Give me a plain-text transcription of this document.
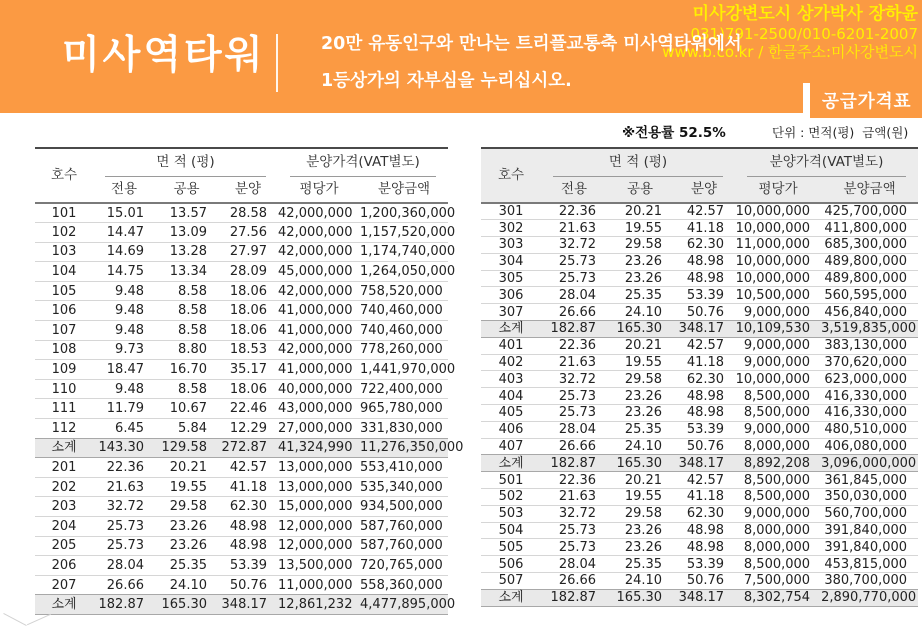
미사역타워	20만 유동인구와 만나는 트리플교통축 미사역타워에서
1등상가의 자부심을 누리십시오.
미사강변도시 상가박사 장하윤
031)791-2500/010-6201-2007
www.b.co.kr / 한글주소:미사강변도시
공급가격표
※전용률 52.5%	단위 : 면적(평)  금액(원)
호수	면 적 (평)			분양가격(VAT별도)	
	전용	공용	분양	평당가	분양금액
101	15.01	13.57	28.58	42,000,000	1,200,360,000
102	14.47	13.09	27.56	42,000,000	1,157,520,000
103	14.69	13.28	27.97	42,000,000	1,174,740,000
104	14.75	13.34	28.09	45,000,000	1,264,050,000
105	9.48	8.58	18.06	42,000,000	758,520,000
106	9.48	8.58	18.06	41,000,000	740,460,000
107	9.48	8.58	18.06	41,000,000	740,460,000
108	9.73	8.80	18.53	42,000,000	778,260,000
109	18.47	16.70	35.17	41,000,000	1,441,970,000
110	9.48	8.58	18.06	40,000,000	722,400,000
111	11.79	10.67	22.46	43,000,000	965,780,000
112	6.45	5.84	12.29	27,000,000	331,830,000
소계	143.30	129.58	272.87	41,324,990	11,276,350,000
201	22.36	20.21	42.57	13,000,000	553,410,000
202	21.63	19.55	41.18	13,000,000	535,340,000
203	32.72	29.58	62.30	15,000,000	934,500,000
204	25.73	23.26	48.98	12,000,000	587,760,000
205	25.73	23.26	48.98	12,000,000	587,760,000
206	28.04	25.35	53.39	13,500,000	720,765,000
207	26.66	24.10	50.76	11,000,000	558,360,000
소계	182.87	165.30	348.17	12,861,232	4,477,895,000
호수	면 적 (평)			분양가격(VAT별도)	
	전용	공용	분양	평당가	분양금액
301	22.36	20.21	42.57	10,000,000	425,700,000
302	21.63	19.55	41.18	10,000,000	411,800,000
303	32.72	29.58	62.30	11,000,000	685,300,000
304	25.73	23.26	48.98	10,000,000	489,800,000
305	25.73	23.26	48.98	10,000,000	489,800,000
306	28.04	25.35	53.39	10,500,000	560,595,000
307	26.66	24.10	50.76	9,000,000	456,840,000
소계	182.87	165.30	348.17	10,109,530	3,519,835,000
401	22.36	20.21	42.57	9,000,000	383,130,000
402	21.63	19.55	41.18	9,000,000	370,620,000
403	32.72	29.58	62.30	10,000,000	623,000,000
404	25.73	23.26	48.98	8,500,000	416,330,000
405	25.73	23.26	48.98	8,500,000	416,330,000
406	28.04	25.35	53.39	9,000,000	480,510,000
407	26.66	24.10	50.76	8,000,000	406,080,000
소계	182.87	165.30	348.17	8,892,208	3,096,000,000
501	22.36	20.21	42.57	8,500,000	361,845,000
502	21.63	19.55	41.18	8,500,000	350,030,000
503	32.72	29.58	62.30	9,000,000	560,700,000
504	25.73	23.26	48.98	8,000,000	391,840,000
505	25.73	23.26	48.98	8,000,000	391,840,000
506	28.04	25.35	53.39	8,500,000	453,815,000
507	26.66	24.10	50.76	7,500,000	380,700,000
소계	182.87	165.30	348.17	8,302,754	2,890,770,000
